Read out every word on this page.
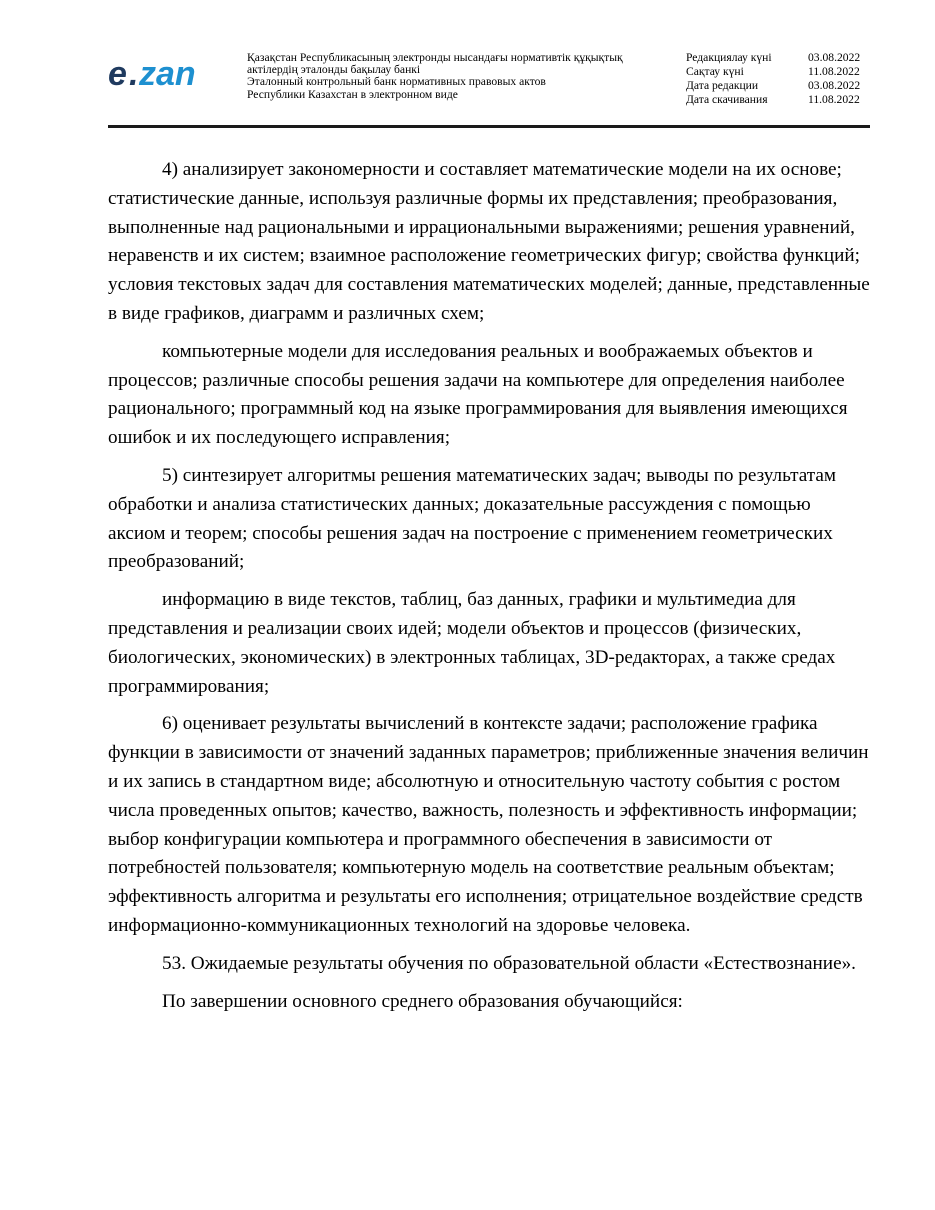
e . zan	Қазақстан Республикасының электронды нысандағы нормативтік құқықтық
актілердің эталонды бақылау банкі
Эталонный контрольный банк нормативных правовых актов
Республики Казахстан в электронном виде
Редакциялау күні	03.08.2022
Сақтау күні	11.08.2022
Дата редакции	03.08.2022
Дата скачивания	11.08.2022

4) анализирует закономерности и составляет математические модели на их основе; статистические данные, используя различные формы их представления; преобразования, выполненные над рациональными и иррациональными выражениями; решения уравнений, неравенств и их систем; взаимное расположение геометрических фигур; свойства функций; условия текстовых задач для составления математических моделей; данные, представленные в виде графиков, диаграмм и различных схем;

компьютерные модели для исследования реальных и воображаемых объектов и процессов; различные способы решения задачи на компьютере для определения наиболее рационального; программный код на языке программирования для выявления имеющихся ошибок и их последующего исправления;

5) синтезирует алгоритмы решения математических задач; выводы по результатам обработки и анализа статистических данных; доказательные рассуждения с помощью аксиом и теорем; способы решения задач на построение с применением геометрических преобразований;

информацию в виде текстов, таблиц, баз данных, графики и мультимедиа для представления и реализации своих идей; модели объектов и процессов (физических, биологических, экономических) в электронных таблицах, 3D-редакторах, а также средах программирования;

6) оценивает результаты вычислений в контексте задачи; расположение графика функции в зависимости от значений заданных параметров; приближенные значения величин и их запись в стандартном виде; абсолютную и относительную частоту события с ростом числа проведенных опытов; качество, важность, полезность и эффективность информации; выбор конфигурации компьютера и программного обеспечения в зависимости от потребностей пользователя; компьютерную модель на соответствие реальным объектам; эффективность алгоритма и результаты его исполнения; отрицательное воздействие средств информационно-коммуникационных технологий на здоровье человека.

53. Ожидаемые результаты обучения по образовательной области «Естествознание».

По завершении основного среднего образования обучающийся:
